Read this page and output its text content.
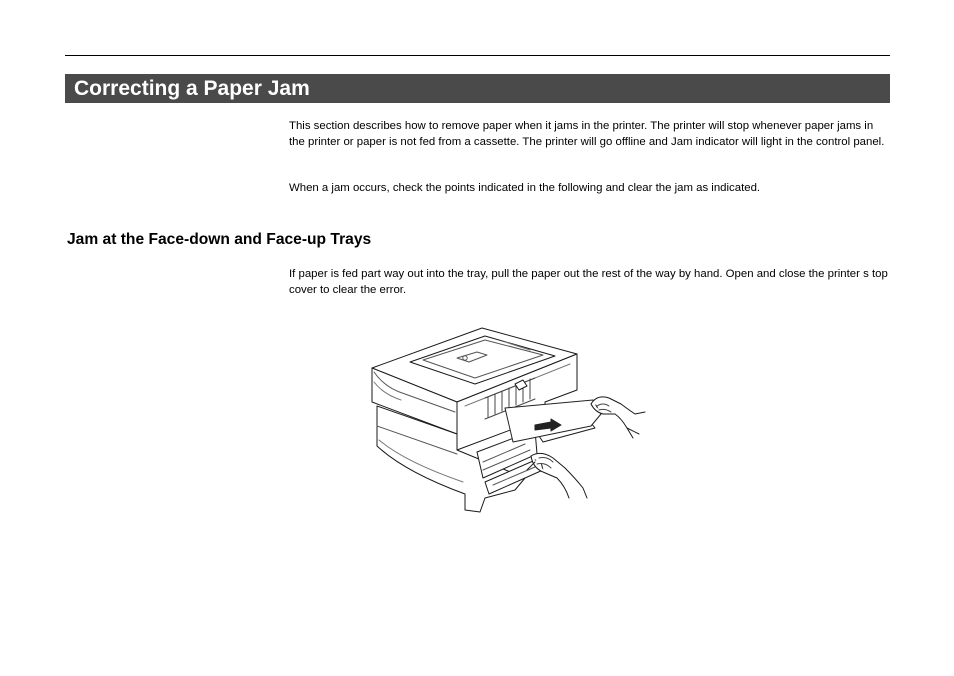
Correcting a Paper Jam

This section describes how to remove paper when it jams in the printer. The printer will stop whenever paper jams in the printer or paper is not fed from a cassette. The printer will go offline and Jam indicator will light in the control panel.

When a jam occurs, check the points indicated in the following and clear the jam as indicated.

Jam at the Face-down and Face-up Trays

If paper is fed part way out into the tray, pull the paper out the rest of the way by hand. Open and close the printer s top cover to clear the error.
